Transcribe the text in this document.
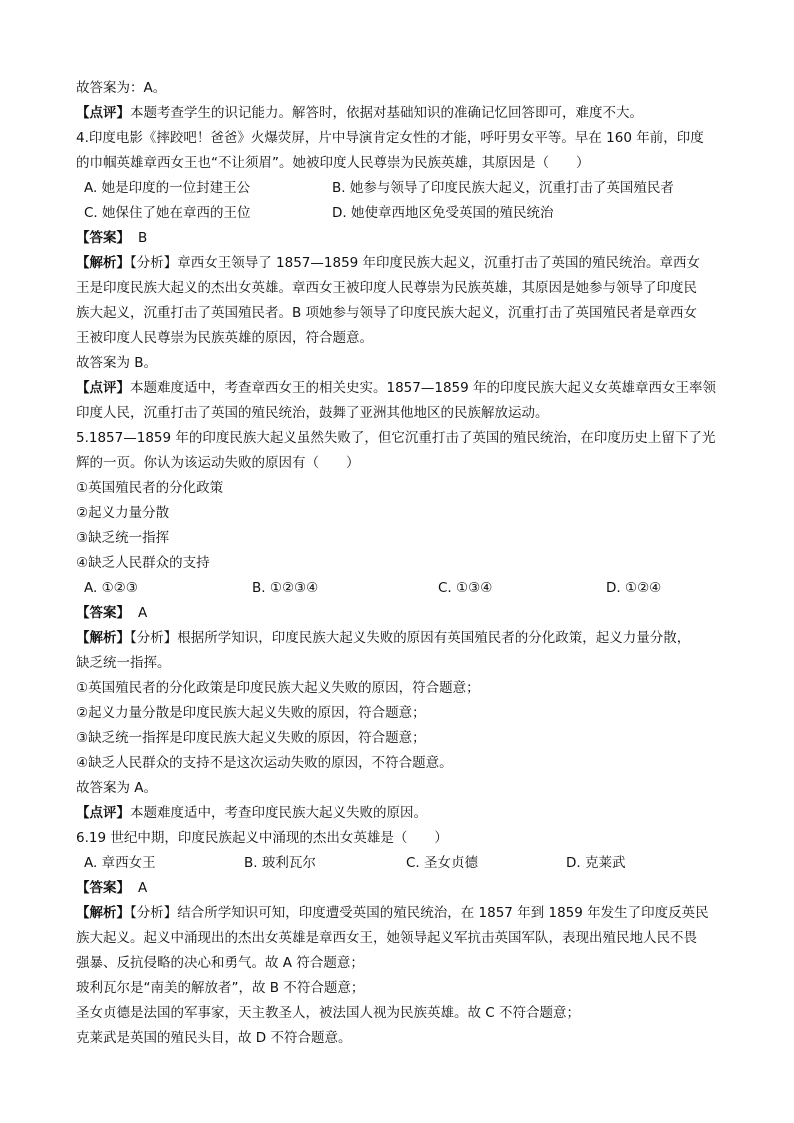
故答案为：A。
【点评】本题考查学生的识记能力。解答时，依据对基础知识的准确记忆回答即可，难度不大。
4.印度电影《摔跤吧！爸爸》火爆荧屏，片中导演肯定女性的才能，呼吁男女平等。早在 160 年前，印度
的巾帼英雄章西女王也“不让须眉”。她被印度人民尊崇为民族英雄，其原因是（　　）
A. 她是印度的一位封建王公	B. 她参与领导了印度民族大起义，沉重打击了英国殖民者
C. 她保住了她在章西的王位	D. 她使章西地区免受英国的殖民统治
【答案】 B
【解析】【分析】章西女王领导了 1857—1859 年印度民族大起义，沉重打击了英国的殖民统治。章西女
王是印度民族大起义的杰出女英雄。章西女王被印度人民尊崇为民族英雄，其原因是她参与领导了印度民
族大起义，沉重打击了英国殖民者。B 项她参与领导了印度民族大起义，沉重打击了英国殖民者是章西女
王被印度人民尊崇为民族英雄的原因，符合题意。
故答案为 B。
【点评】本题难度适中，考查章西女王的相关史实。1857—1859 年的印度民族大起义女英雄章西女王率领
印度人民，沉重打击了英国的殖民统治，鼓舞了亚洲其他地区的民族解放运动。
5.1857—1859 年的印度民族大起义虽然失败了，但它沉重打击了英国的殖民统治，在印度历史上留下了光
辉的一页。你认为该运动失败的原因有（　　）
①英国殖民者的分化政策
②起义力量分散
③缺乏统一指挥
④缺乏人民群众的支持
A. ①②③	B. ①②③④	C. ①③④	D. ①②④
【答案】 A
【解析】【分析】根据所学知识，印度民族大起义失败的原因有英国殖民者的分化政策，起义力量分散，
缺乏统一指挥。
①英国殖民者的分化政策是印度民族大起义失败的原因，符合题意；
②起义力量分散是印度民族大起义失败的原因，符合题意；
③缺乏统一指挥是印度民族大起义失败的原因，符合题意；
④缺乏人民群众的支持不是这次运动失败的原因，不符合题意。
故答案为 A。
【点评】本题难度适中，考查印度民族大起义失败的原因。
6.19 世纪中期，印度民族起义中涌现的杰出女英雄是（　　）
A. 章西女王	B. 玻利瓦尔	C. 圣女贞德	D. 克莱武
【答案】 A
【解析】【分析】结合所学知识可知，印度遭受英国的殖民统治，在 1857 年到 1859 年发生了印度反英民
族大起义。起义中涌现出的杰出女英雄是章西女王，她领导起义军抗击英国军队，表现出殖民地人民不畏
强暴、反抗侵略的决心和勇气。故 A 符合题意；
玻利瓦尔是“南美的解放者”，故 B 不符合题意；
圣女贞德是法国的军事家，天主教圣人，被法国人视为民族英雄。故 C 不符合题意；
克莱武是英国的殖民头目，故 D 不符合题意。
